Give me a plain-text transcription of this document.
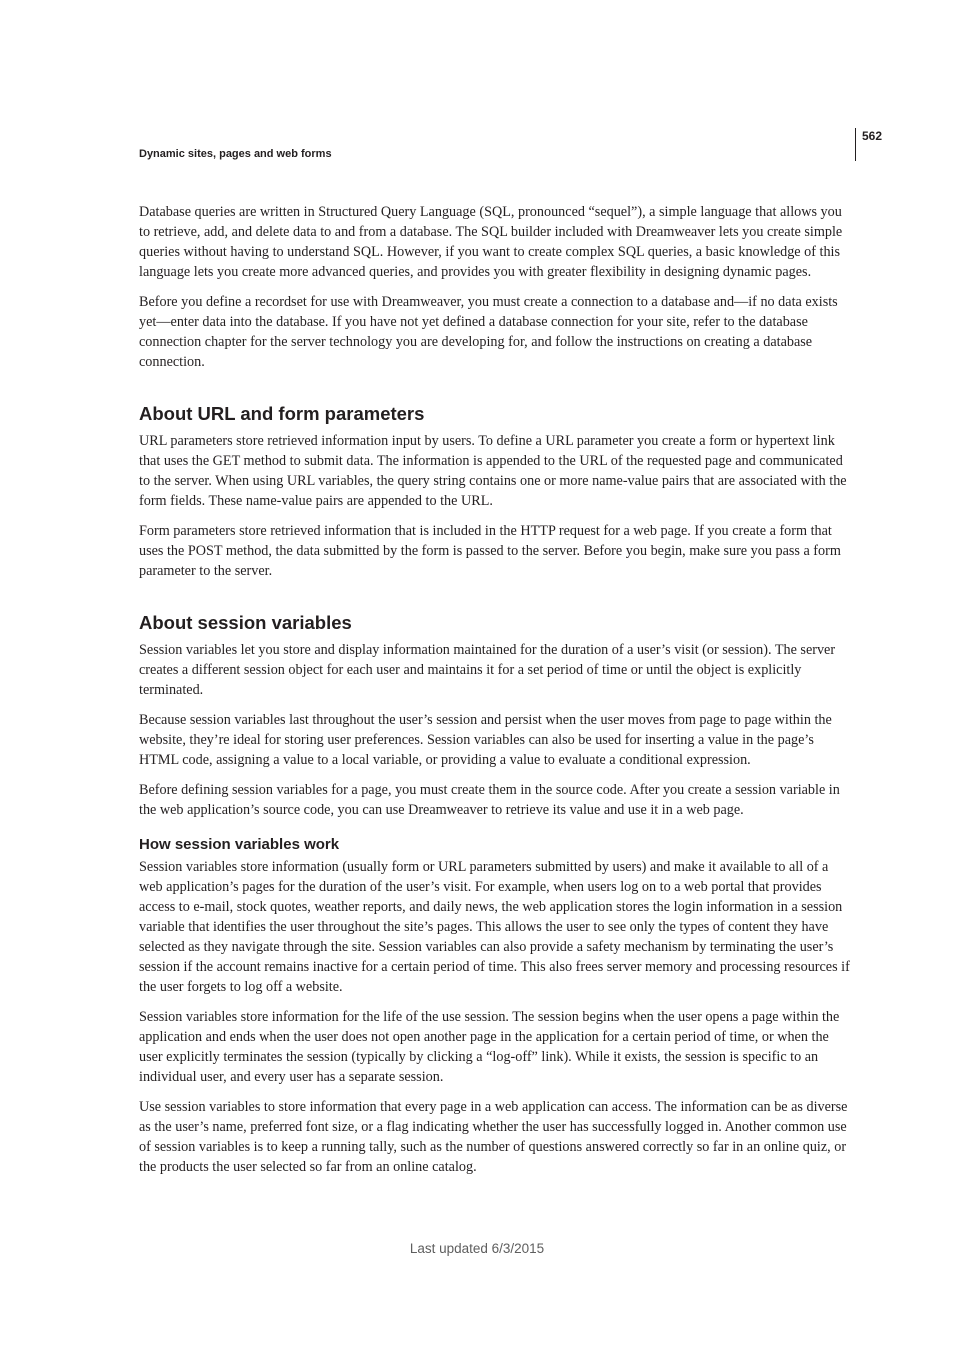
562
Dynamic sites, pages and web forms

Database queries are written in Structured Query Language (SQL, pronounced “sequel”), a simple language that allows you to retrieve, add, and delete data to and from a database. The SQL builder included with Dreamweaver lets you create simple queries without having to understand SQL. However, if you want to create complex SQL queries, a basic knowledge of this language lets you create more advanced queries, and provides you with greater flexibility in designing dynamic pages.

Before you define a recordset for use with Dreamweaver, you must create a connection to a database and—if no data exists yet—enter data into the database. If you have not yet defined a database connection for your site, refer to the database connection chapter for the server technology you are developing for, and follow the instructions on creating a database connection.

About URL and form parameters

URL parameters store retrieved information input by users. To define a URL parameter you create a form or hypertext link that uses the GET method to submit data. The information is appended to the URL of the requested page and communicated to the server. When using URL variables, the query string contains one or more name-value pairs that are associated with the form fields. These name-value pairs are appended to the URL.

Form parameters store retrieved information that is included in the HTTP request for a web page. If you create a form that uses the POST method, the data submitted by the form is passed to the server. Before you begin, make sure you pass a form parameter to the server.

About session variables

Session variables let you store and display information maintained for the duration of a user’s visit (or session). The server creates a different session object for each user and maintains it for a set period of time or until the object is explicitly terminated.

Because session variables last throughout the user’s session and persist when the user moves from page to page within the website, they’re ideal for storing user preferences. Session variables can also be used for inserting a value in the page’s HTML code, assigning a value to a local variable, or providing a value to evaluate a conditional expression.

Before defining session variables for a page, you must create them in the source code. After you create a session variable in the web application’s source code, you can use Dreamweaver to retrieve its value and use it in a web page.

How session variables work

Session variables store information (usually form or URL parameters submitted by users) and make it available to all of a web application’s pages for the duration of the user’s visit. For example, when users log on to a web portal that provides access to e-mail, stock quotes, weather reports, and daily news, the web application stores the login information in a session variable that identifies the user throughout the site’s pages. This allows the user to see only the types of content they have selected as they navigate through the site. Session variables can also provide a safety mechanism by terminating the user’s session if the account remains inactive for a certain period of time. This also frees server memory and processing resources if the user forgets to log off a website.

Session variables store information for the life of the use session. The session begins when the user opens a page within the application and ends when the user does not open another page in the application for a certain period of time, or when the user explicitly terminates the session (typically by clicking a “log-off” link). While it exists, the session is specific to an individual user, and every user has a separate session.

Use session variables to store information that every page in a web application can access. The information can be as diverse as the user’s name, preferred font size, or a flag indicating whether the user has successfully logged in. Another common use of session variables is to keep a running tally, such as the number of questions answered correctly so far in an online quiz, or the products the user selected so far from an online catalog.

Last updated 6/3/2015
